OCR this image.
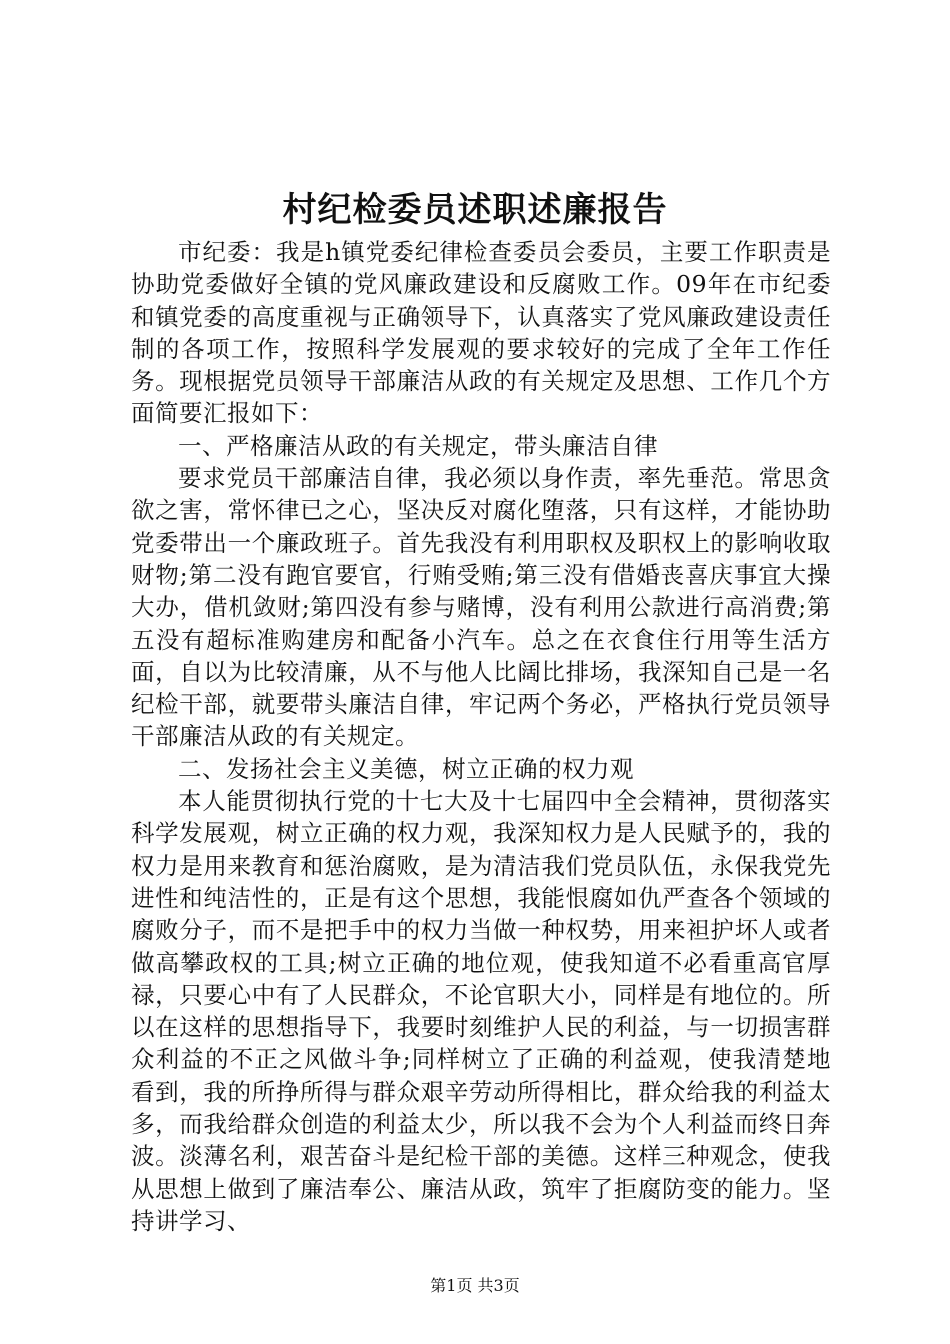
村纪检委员述职述廉报告

市纪委：我是h镇党委纪律检查委员会委员，主要工作职责是协助党委做好全镇的党风廉政建设和反腐败工作。09年在市纪委和镇党委的高度重视与正确领导下，认真落实了党风廉政建设责任制的各项工作，按照科学发展观的要求较好的完成了全年工作任务。现根据党员领导干部廉洁从政的有关规定及思想、工作几个方面简要汇报如下：

一、严格廉洁从政的有关规定，带头廉洁自律

要求党员干部廉洁自律，我必须以身作责，率先垂范。常思贪欲之害，常怀律已之心，坚决反对腐化堕落，只有这样，才能协助党委带出一个廉政班子。首先我没有利用职权及职权上的影响收取财物;第二没有跑官要官，行贿受贿;第三没有借婚丧喜庆事宜大操大办，借机敛财;第四没有参与赌博，没有利用公款进行高消费;第五没有超标准购建房和配备小汽车。总之在衣食住行用等生活方面，自以为比较清廉，从不与他人比阔比排场，我深知自己是一名纪检干部，就要带头廉洁自律，牢记两个务必，严格执行党员领导干部廉洁从政的有关规定。

二、发扬社会主义美德，树立正确的权力观

本人能贯彻执行党的十七大及十七届四中全会精神，贯彻落实科学发展观，树立正确的权力观，我深知权力是人民赋予的，我的权力是用来教育和惩治腐败，是为清洁我们党员队伍，永保我党先进性和纯洁性的，正是有这个思想，我能恨腐如仇严查各个领域的腐败分子，而不是把手中的权力当做一种权势，用来袒护坏人或者做高攀政权的工具;树立正确的地位观，使我知道不必看重高官厚禄，只要心中有了人民群众，不论官职大小，同样是有地位的。所以在这样的思想指导下，我要时刻维护人民的利益，与一切损害群众利益的不正之风做斗争;同样树立了正确的利益观，使我清楚地看到，我的所挣所得与群众艰辛劳动所得相比，群众给我的利益太多，而我给群众创造的利益太少，所以我不会为个人利益而终日奔波。淡薄名利，艰苦奋斗是纪检干部的美德。这样三种观念，使我从思想上做到了廉洁奉公、廉洁从政，筑牢了拒腐防变的能力。坚持讲学习、

第1页 共3页
